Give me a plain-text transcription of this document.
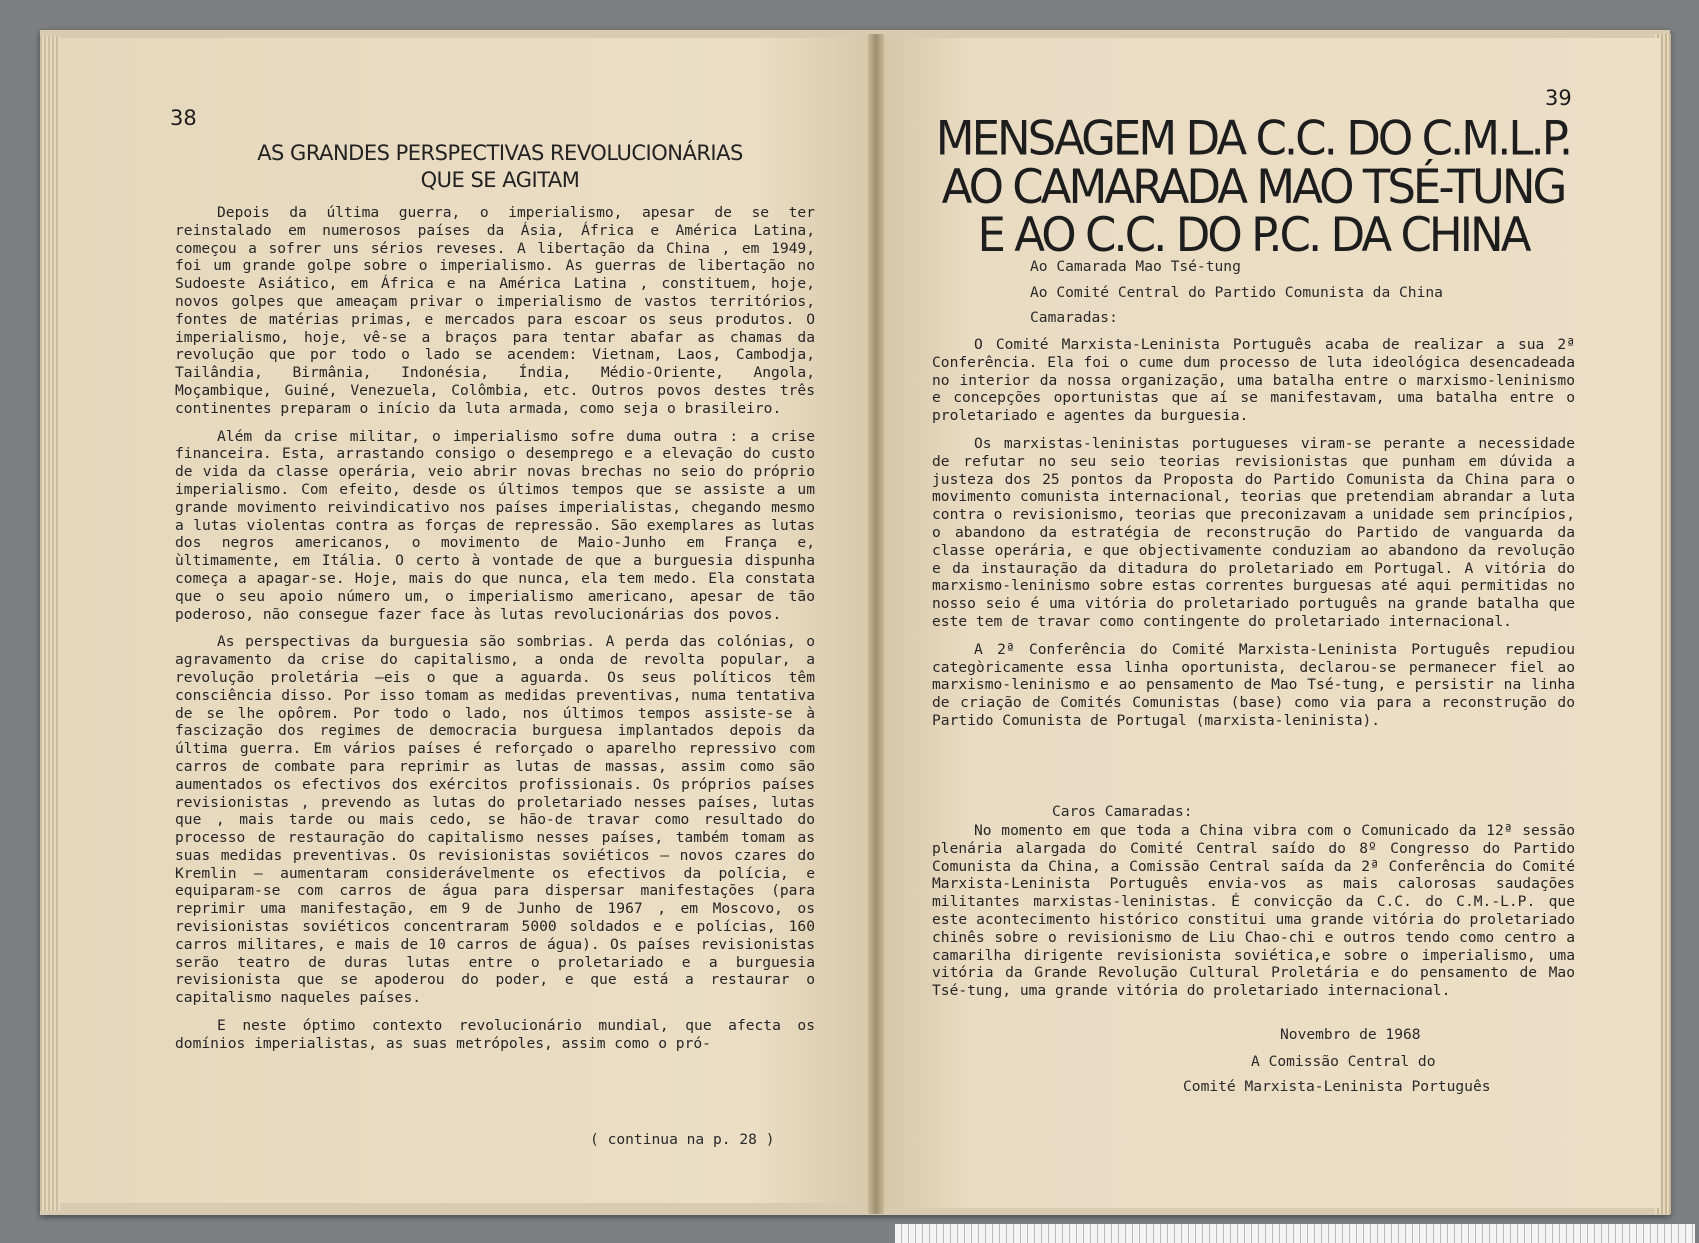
38
AS GRANDES PERSPECTIVAS REVOLUCIONÁRIAS
QUE SE AGITAM

Depois da última guerra, o imperialismo, apesar de se ter reinstalado em numerosos países da Ásia, África e América Latina, começou a sofrer uns sérios reveses. A libertação da China , em 1949, foi um grande golpe sobre o imperialismo. As guerras de libertação no Sudoeste Asiático, em África e na América Latina , constituem, hoje, novos golpes que ameaçam privar o imperialismo de vastos territórios, fontes de matérias primas, e mercados para escoar os seus produtos. O imperialismo, hoje, vê-se a braços para tentar abafar as chamas da revolução que por todo o lado se acendem: Vietnam, Laos, Cambodja, Tailândia, Birmânia, Indonésia, Índia, Médio-Oriente, Angola, Moçambique, Guiné, Venezuela, Colômbia, etc. Outros povos destes três continentes preparam o início da luta armada, como seja o brasileiro.

Além da crise militar, o imperialismo sofre duma outra : a crise financeira. Esta, arrastando consigo o desemprego e a elevação do custo de vida da classe operária, veio abrir novas brechas no seio do próprio imperialismo. Com efeito, desde os últimos tempos que se assiste a um grande movimento reivindicativo nos países imperialistas, chegando mesmo a lutas violentas contra as forças de repressão. São exemplares as lutas dos negros americanos, o movimento de Maio-Junho em França e, ùltimamente, em Itália. O certo à vontade de que a burguesia dispunha começa a apagar-se. Hoje, mais do que nunca, ela tem medo. Ela constata que o seu apoio número um, o imperialismo americano, apesar de tão poderoso, não consegue fazer face às lutas revolucionárias dos povos.

As perspectivas da burguesia são sombrias. A perda das colónias, o agravamento da crise do capitalismo, a onda de revolta popular, a revolução proletária —eis o que a aguarda. Os seus políticos têm consciência disso. Por isso tomam as medidas preventivas, numa tentativa de se lhe opôrem. Por todo o lado, nos últimos tempos assiste-se à fascização dos regimes de democracia burguesa implantados depois da última guerra. Em vários países é reforçado o aparelho repressivo com carros de combate para reprimir as lutas de massas, assim como são aumentados os efectivos dos exércitos profissionais. Os próprios países revisionistas , prevendo as lutas do proletariado nesses países, lutas que , mais tarde ou mais cedo, se hão-de travar como resultado do processo de restauração do capitalismo nesses países, também tomam as suas medidas preventivas. Os revisionistas soviéticos — novos czares do Kremlin — aumentaram considerávelmente os efectivos da polícia, e equiparam-se com carros de água para dispersar manifestações (para reprimir uma manifestação, em 9 de Junho de 1967 , em Moscovo, os revisionistas soviéticos concentraram 5000 soldados e e polícias, 160 carros militares, e mais de 10 carros de água). Os países revisionistas serão teatro de duras lutas entre o proletariado e a burguesia revisionista que se apoderou do poder, e que está a restaurar o capitalismo naqueles países.

E neste óptimo contexto revolucionário mundial, que afecta os domínios imperialistas, as suas metrópoles, assim como o pró-

( continua na p. 28 )
39
MENSAGEM DA C.C. DO C.M.L.P.
AO CAMARADA MAO TSÉ-TUNG
E AO C.C. DO P.C. DA CHINA
Ao Camarada Mao Tsé-tung
Ao Comité Central do Partido Comunista da China
Camaradas:

O Comité Marxista-Leninista Português acaba de realizar a sua 2ª Conferência. Ela foi o cume dum processo de luta ideológica desencadeada no interior da nossa organização, uma batalha entre o marxismo-leninismo e concepções oportunistas que aí se manifestavam, uma batalha entre o proletariado e agentes da burguesia.

Os marxistas-leninistas portugueses viram-se perante a necessidade de refutar no seu seio teorias revisionistas que punham em dúvida a justeza dos 25 pontos da Proposta do Partido Comunista da China para o movimento comunista internacional, teorias que pretendiam abrandar a luta contra o revisionismo, teorias que preconizavam a unidade sem princípios, o abandono da estratégia de reconstrução do Partido de vanguarda da classe operária, e que objectivamente conduziam ao abandono da revolução e da instauração da ditadura do proletariado em Portugal. A vitória do marxismo-leninismo sobre estas correntes burguesas até aqui permitidas no nosso seio é uma vitória do proletariado português na grande batalha que este tem de travar como contingente do proletariado internacional.

A 2ª Conferência do Comité Marxista-Leninista Português repudiou categòricamente essa linha oportunista, declarou-se permanecer fiel ao marxismo-leninismo e ao pensamento de Mao Tsé-tung, e persistir na linha de criação de Comités Comunistas (base) como via para a reconstrução do Partido Comunista de Portugal (marxista-leninista).

Caros Camaradas:

No momento em que toda a China vibra com o Comunicado da 12ª sessão plenária alargada do Comité Central saído do 8º Congresso do Partido Comunista da China, a Comissão Central saída da 2ª Conferência do Comité Marxista-Leninista Português envia-vos as mais calorosas saudações militantes marxistas-leninistas. É convicção da C.C. do C.M.-L.P. que este acontecimento histórico constitui uma grande vitória do proletariado chinês sobre o revisionismo de Liu Chao-chi e outros tendo como centro a camarilha dirigente revisionista soviética,e sobre o imperialismo, uma vitória da Grande Revolução Cultural Proletária e do pensamento de Mao Tsé-tung, uma grande vitória do proletariado internacional.

Novembro de 1968
A Comissão Central do
Comité Marxista-Leninista Português
